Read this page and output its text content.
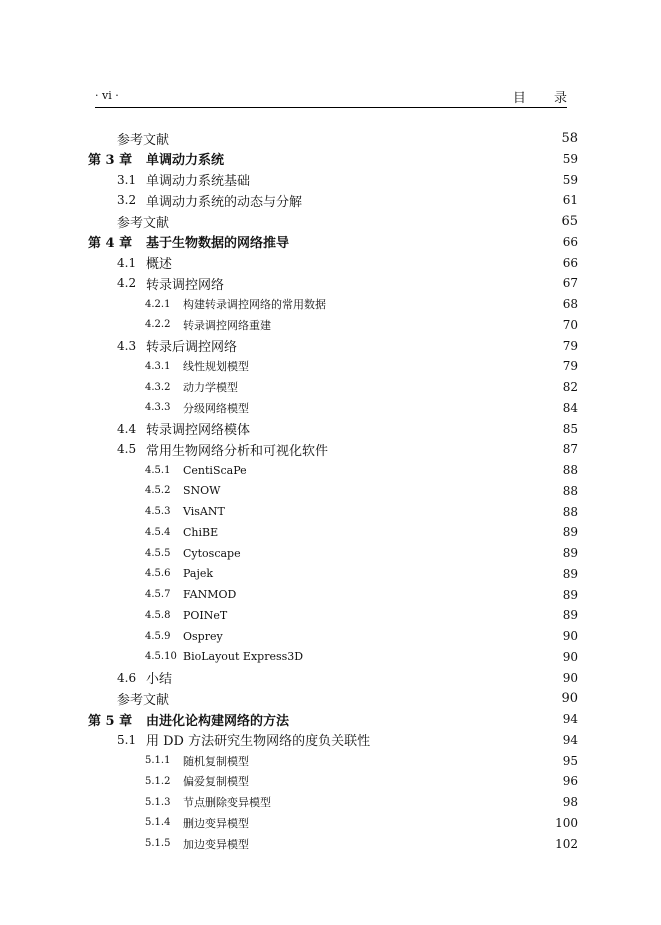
· vi ·	目 录
参考文献	58
第 3 章	单调动力系统	59
3.1 单调动力系统基础	59
3.2 单调动力系统的动态与分解	61
参考文献	65
第 4 章	基于生物数据的网络推导	66
4.1 概述	66
4.2 转录调控网络	67
4.2.1	构建转录调控网络的常用数据	68
4.2.2	转录调控网络重建	70
4.3 转录后调控网络	79
4.3.1	线性规划模型	79
4.3.2	动力学模型	82
4.3.3	分级网络模型	84
4.4 转录调控网络模体	85
4.5 常用生物网络分析和可视化软件	87
4.5.1	CentiScaPe	88
4.5.2	SNOW	88
4.5.3	VisANT	88
4.5.4	ChiBE	89
4.5.5	Cytoscape	89
4.5.6	Pajek	89
4.5.7	FANMOD	89
4.5.8	POINeT	89
4.5.9	Osprey	90
4.5.10 BioLayout Express3D	90
4.6 小结	90
参考文献	90
第 5 章	由进化论构建网络的方法	94
5.1 用 DD 方法研究生物网络的度负关联性	94
5.1.1	随机复制模型	95
5.1.2	偏爱复制模型	96
5.1.3	节点删除变异模型	98
5.1.4	删边变异模型	100
5.1.5	加边变异模型	102
